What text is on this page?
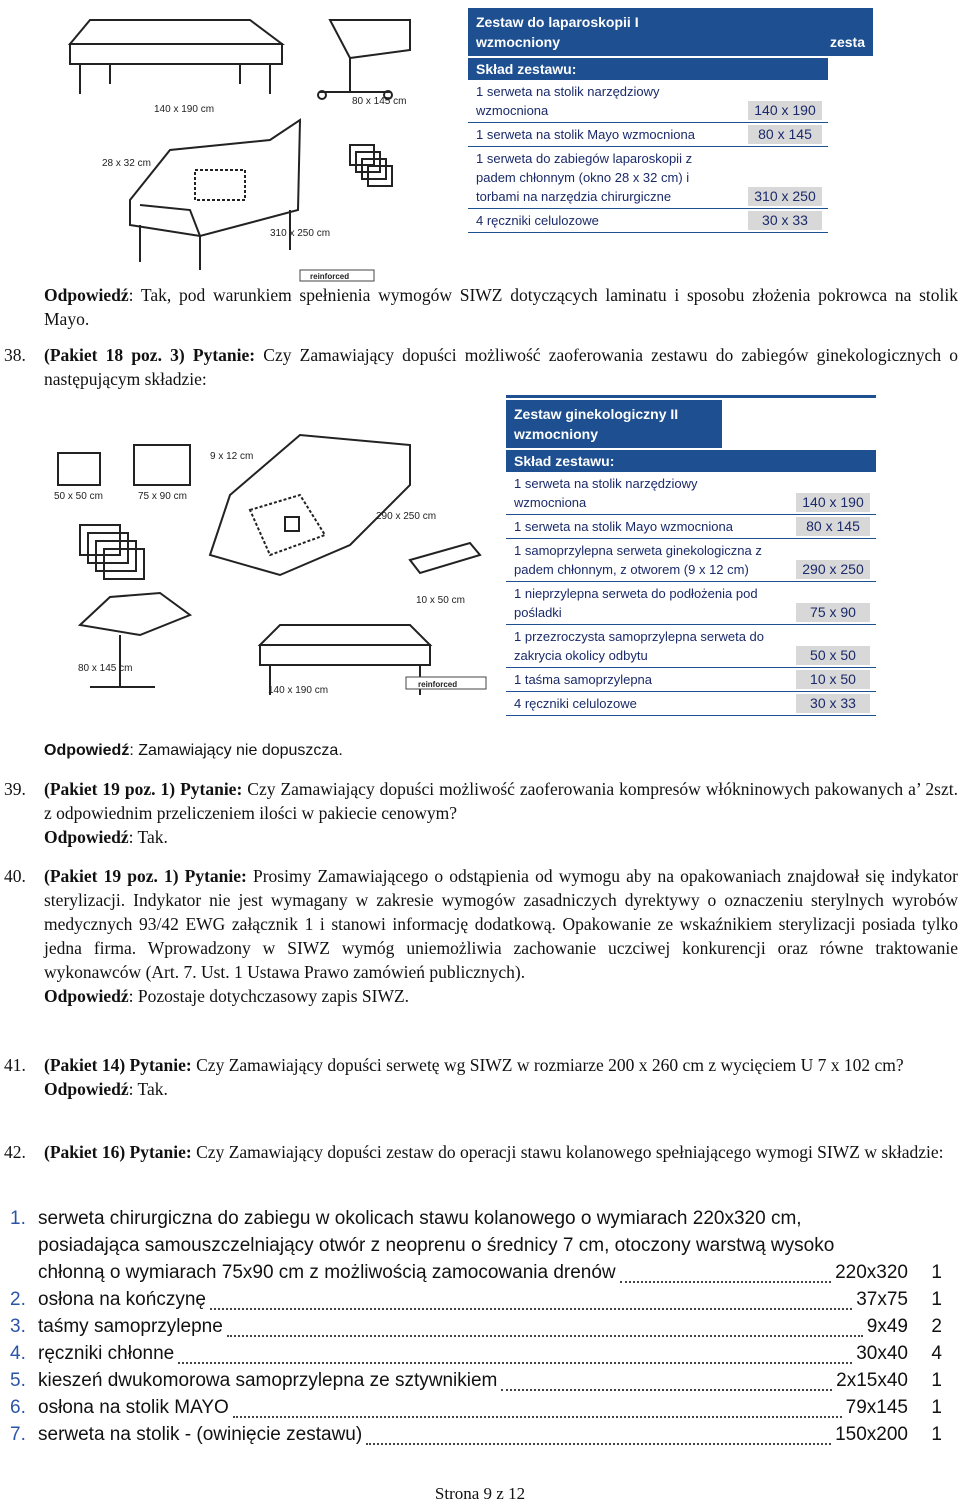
140 x 190 cm
80 x 145 cm
28 x 32 cm
310 x 250 cm
reinforced
Zestaw do laparoskopii I wzmocniony	zesta
Skład zestawu:
1 serweta na stolik narzędziowy wzmocniona	140 x 190
1 serweta na stolik Mayo wzmocniona	80 x 145
1 serweta do zabiegów laparoskopii z padem chłonnym (okno 28 x 32 cm) i torbami na narzędzia chirurgiczne	310 x 250
4 ręczniki celulozowe	30 x 33
Odpowiedź: Tak, pod warunkiem spełnienia wymogów SIWZ dotyczących laminatu i sposobu złożenia pokrowca na stolik Mayo.
38. (Pakiet 18 poz. 3) Pytanie: Czy Zamawiający dopuści możliwość zaoferowania zestawu do zabiegów ginekologicznych o następującym składzie:
50 x 50 cm	75 x 90 cm
9 x 12 cm
290 x 250 cm
10 x 50 cm
80 x 145 cm
140 x 190 cm
reinforced
Zestaw ginekologiczny II wzmocniony
Skład zestawu:
1 serweta na stolik narzędziowy wzmocniona	140 x 190
1 serweta na stolik Mayo wzmocniona	80 x 145
1 samoprzylepna serweta ginekologiczna z padem chłonnym, z otworem (9 x 12 cm)	290 x 250
1 nieprzylepna serweta do podłożenia pod pośladki	75 x 90
1 przezroczysta samoprzylepna serweta do zakrycia okolicy odbytu	50 x 50
1 taśma samoprzylepna	10 x 50
4 ręczniki celulozowe	30 x 33
Odpowiedź: Zamawiający nie dopuszcza.
39. (Pakiet 19 poz. 1) Pytanie: Czy Zamawiający dopuści możliwość zaoferowania kompresów włókninowych pakowanych a’ 2szt. z odpowiednim przeliczeniem ilości w pakiecie cenowym?
Odpowiedź: Tak.
40. (Pakiet 19 poz. 1) Pytanie: Prosimy Zamawiającego o odstąpienia od wymogu aby na opakowaniach znajdował się indykator sterylizacji. Indykator nie jest wymagany w zakresie wymogów zasadniczych dyrektywy o oznaczeniu sterylnych wyrobów medycznych 93/42 EWG załącznik 1 i stanowi informację dodatkową. Opakowanie ze wskaźnikiem sterylizacji posiada tylko jedna firma. Wprowadzony w SIWZ wymóg uniemożliwia zachowanie uczciwej konkurencji oraz równe traktowanie wykonawców (Art. 7. Ust. 1 Ustawa Prawo zamówień publicznych).
Odpowiedź: Pozostaje dotychczasowy zapis SIWZ.
41. (Pakiet 14) Pytanie: Czy Zamawiający dopuści serwetę wg SIWZ w rozmiarze 200 x 260 cm z wycięciem U 7 x 102 cm?
Odpowiedź: Tak.
42. (Pakiet 16) Pytanie: Czy Zamawiający dopuści zestaw do operacji stawu kolanowego spełniającego wymogi SIWZ w składzie:
1. serweta chirurgiczna do zabiegu w okolicach stawu kolanowego o wymiarach 220x320 cm,
posiadająca samouszczelniający otwór z neoprenu o średnicy 7 cm, otoczony warstwą wysoko
chłonną o wymiarach 75x90 cm z możliwością zamocowania drenów	220x320 1
2. osłona na kończynę	37x75 1
3. taśmy samoprzylepne	9x49 2
4. ręczniki chłonne	30x40 4
5. kieszeń dwukomorowa samoprzylepna ze sztywnikiem	2x15x40 1
6. osłona na stolik MAYO	79x145 1
7. serweta na stolik - (owinięcie zestawu)	150x200 1
Strona 9 z 12
